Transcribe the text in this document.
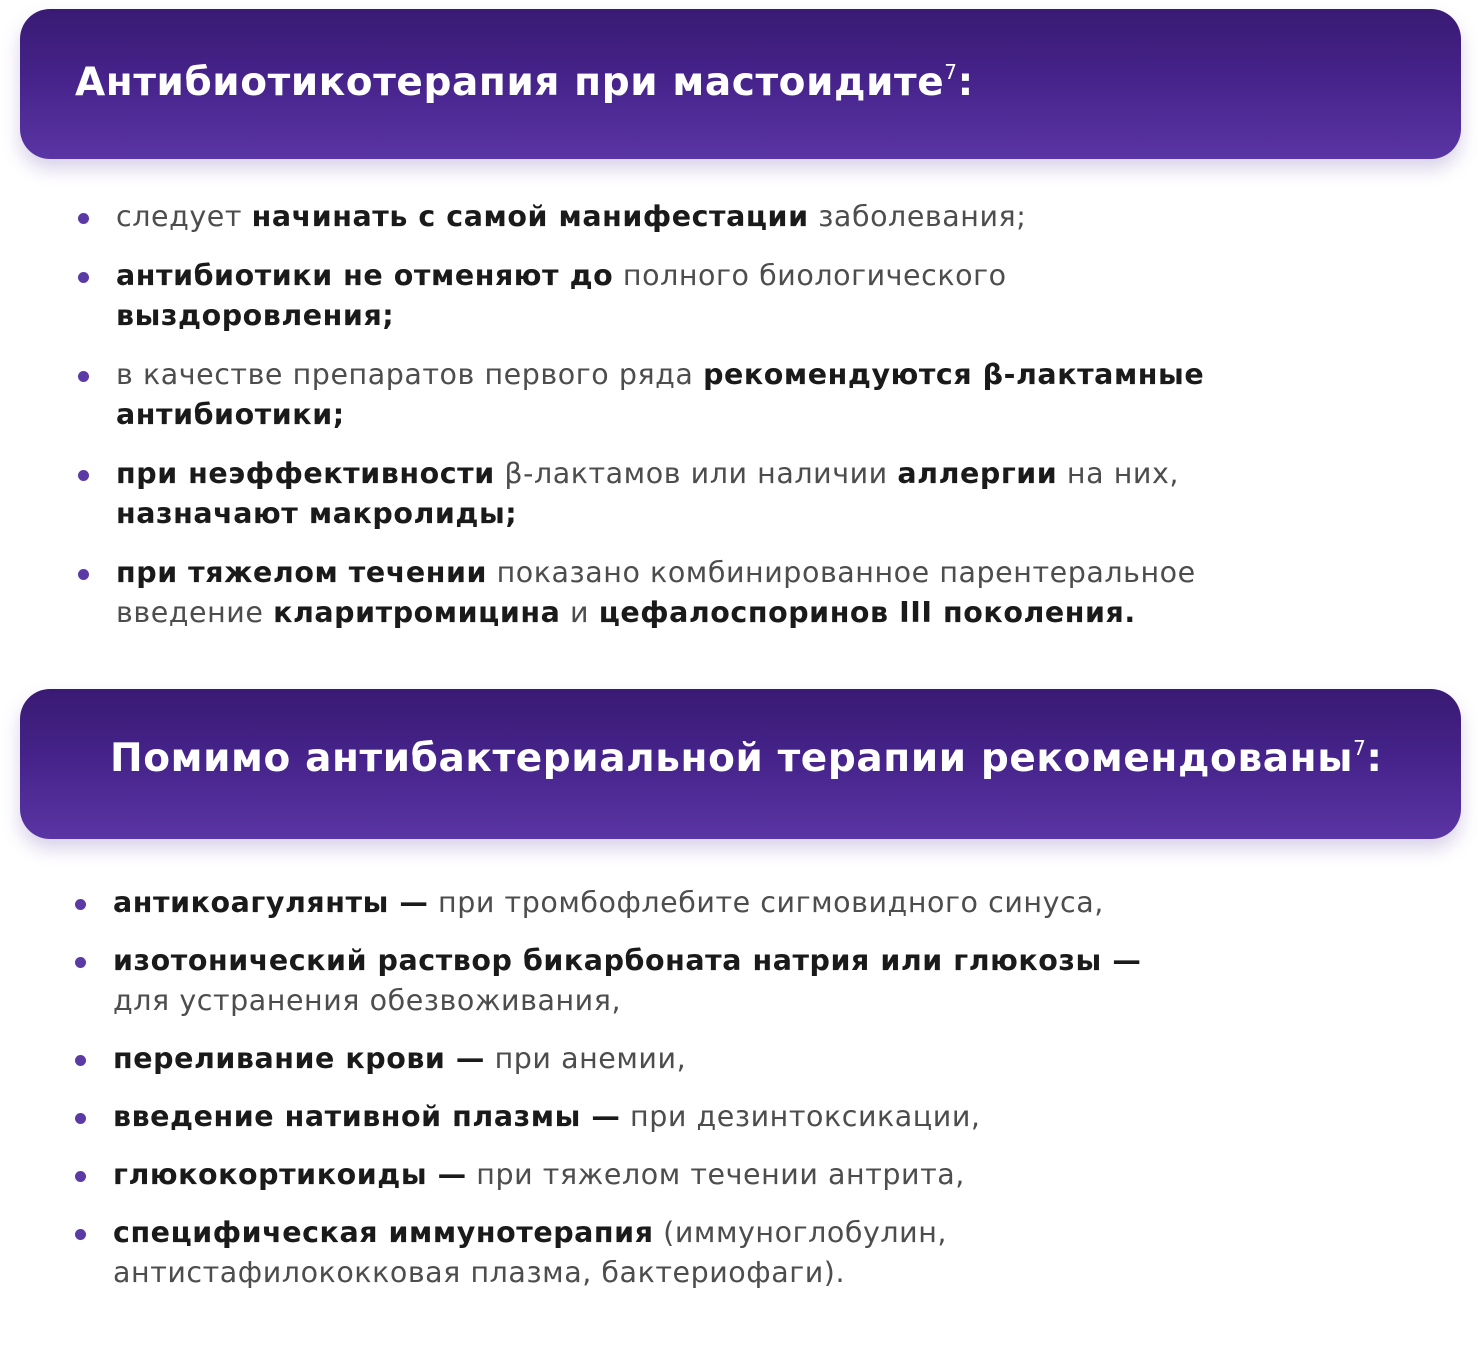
Антибиотикотерапия при мастоидите$^7$:
следует начинать с самой манифестации заболевания;
антибиотики не отменяют до полного биологического
выздоровления;
в качестве препаратов первого ряда рекомендуются β-лактамные
антибиотики;
при неэффективности β-лактамов или наличии аллергии на них,
назначают макролиды;
при тяжелом течении показано комбинированное парентеральное
введение кларитромицина и цефалоспоринов III поколения.
Помимо антибактериальной терапии рекомендованы$^7$:
антикоагулянты — при тромбофлебите сигмовидного синуса,
изотонический раствор бикарбоната натрия или глюкозы —
для устранения обезвоживания,
переливание крови — при анемии,
введение нативной плазмы — при дезинтоксикации,
глюкокортикоиды — при тяжелом течении антрита,
специфическая иммунотерапия (иммуноглобулин,
антистафилококковая плазма, бактериофаги).
